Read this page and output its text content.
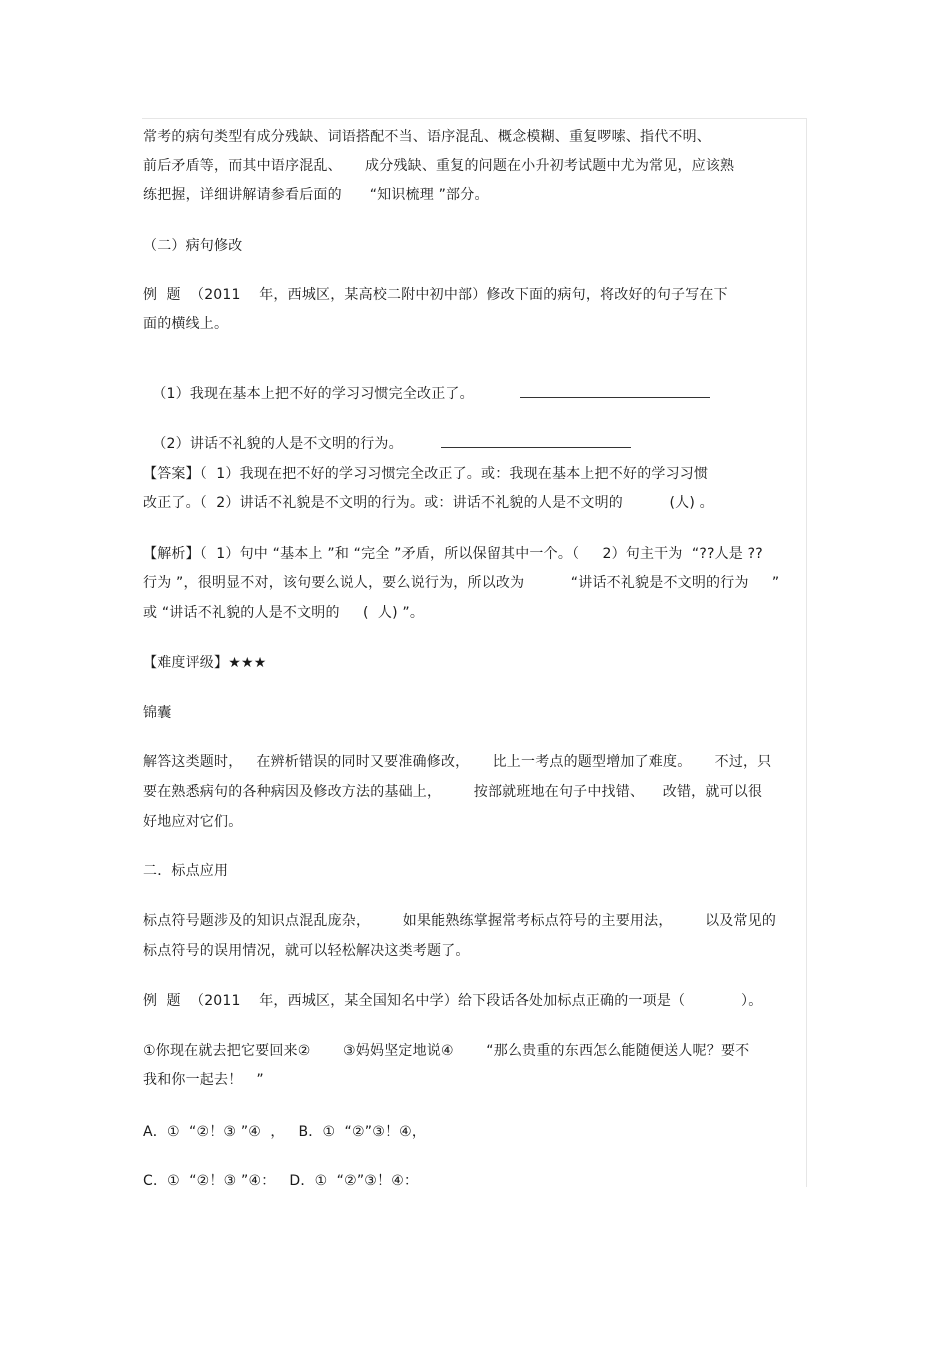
常考的病句类型有成分残缺、词语搭配不当、语序混乱、概念模糊、重复啰嗦、指代不明、
前后矛盾等，而其中语序混乱、     成分残缺、重复的问题在小升初考试题中尤为常见，应该熟
练把握，详细讲解请参看后面的      “知识梳理 ”部分。
（二）病句修改
例  题  （2011    年，西城区，某高校二附中初中部）修改下面的病句，将改好的句子写在下
面的横线上。

（1）我现在基本上把不好的学习习惯完全改正了。

（2）讲话不礼貌的人是不文明的行为。

【答案】（  1）我现在把不好的学习习惯完全改正了。或：我现在基本上把不好的学习习惯
改正了。（  2）讲话不礼貌是不文明的行为。或：讲话不礼貌的人是不文明的          (人) 。
【解析】（  1）句中 “基本上 ”和 “完全 ”矛盾，所以保留其中一个。（     2）句主干为  “??人是 ??
行为 ”，很明显不对，该句要么说人，要么说行为，所以改为          “讲话不礼貌是不文明的行为     ”
或 “讲话不礼貌的人是不文明的     (  人) ”。
【难度评级】★★★
锦囊
解答这类题时，   在辨析错误的同时又要准确修改，     比上一考点的题型增加了难度。     不过，只
要在熟悉病句的各种病因及修改方法的基础上，       按部就班地在句子中找错、    改错，就可以很
好地应对它们。
二．标点应用
标点符号题涉及的知识点混乱庞杂，       如果能熟练掌握常考标点符号的主要用法，       以及常见的
标点符号的误用情况，就可以轻松解决这类考题了。
例  题  （2011    年，西城区，某全国知名中学）给下段话各处加标点正确的一项是（            ）。
①你现在就去把它要回来②       ③妈妈坚定地说④       “那么贵重的东西怎么能随便送人呢？要不
我和你一起去！   ”
A．①  “②！③ ”④  ，   B．①  “②”③！④，
C．①  “②！③ ”④：   D．①  “②”③！④：
